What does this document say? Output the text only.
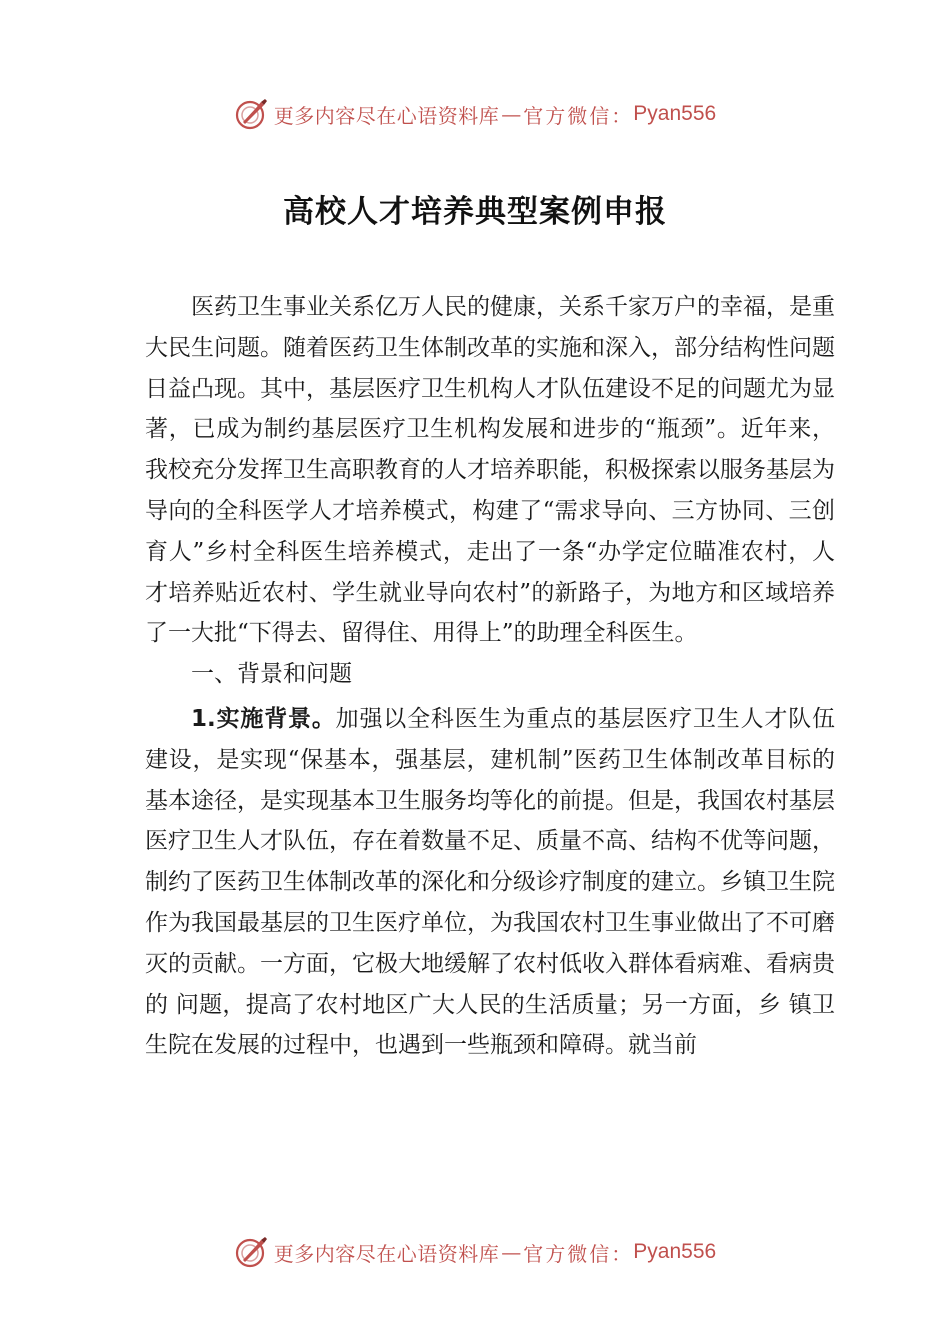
更多内容尽在心语资料库 — 官方微信： Pyan556
高校人才培养典型案例申报

医药卫生事业关系亿万人民的健康，关系千家万户的幸福，是重大民生问题。随着医药卫生体制改革的实施和深入，部分结构性问题日益凸现。其中，基层医疗卫生机构人才队伍建设不足的问题尤为显著，已成为制约基层医疗卫生机构发展和进步的“瓶颈”。近年来，我校充分发挥卫生高职教育的人才培养职能，积极探索以服务基层为导向的全科医学人才培养模式，构建了“需求导向、三方协同、三创育人”乡村全科医生培养模式，走出了一条“办学定位瞄准农村，人才培养贴近农村、学生就业导向农村”的新路子，为地方和区域培养了一大批“下得去、留得住、用得上”的助理全科医生。

一、背景和问题

1.实施背景。加强以全科医生为重点的基层医疗卫生人才队伍建设，是实现“保基本，强基层，建机制”医药卫生体制改革目标的基本途径，是实现基本卫生服务均等化的前提。但是，我国农村基层医疗卫生人才队伍，存在着数量不足、质量不高、结构不优等问题，制约了医药卫生体制改革的深化和分级诊疗制度的建立。乡镇卫生院作为我国最基层的卫生医疗单位，为我国农村卫生事业做出了不可磨灭的贡献。一方面，它极大地缓解了农村低收入群体看病难、看病贵的 问题，提高了农村地区广大人民的生活质量；另一方面，乡 镇卫生院在发展的过程中，也遇到一些瓶颈和障碍。就当前

更多内容尽在心语资料库 — 官方微信： Pyan556
